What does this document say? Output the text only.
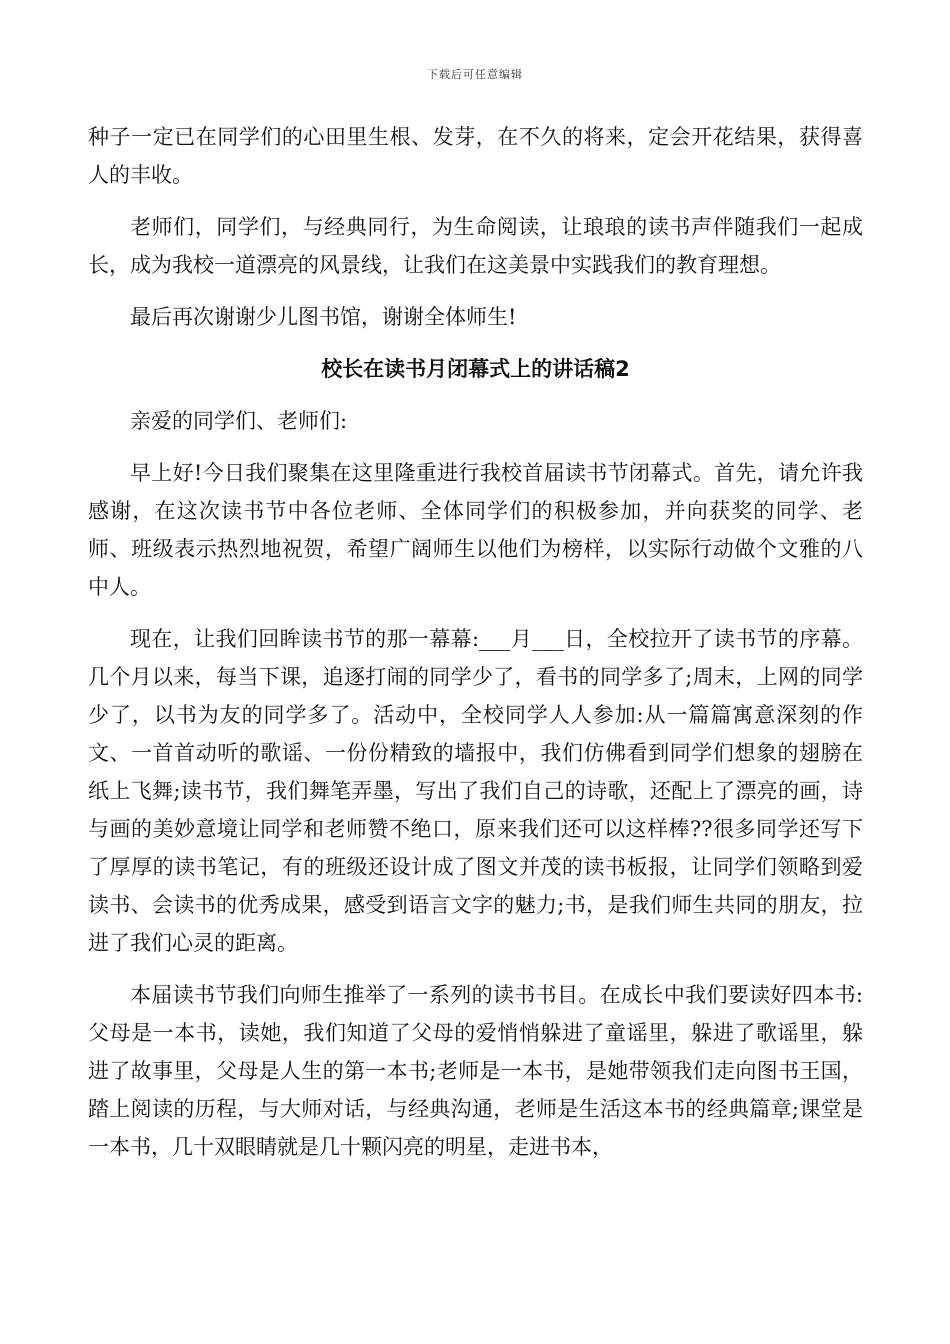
下载后可任意编辑

种子一定已在同学们的心田里生根、发芽，在不久的将来，定会开花结果，获得喜人的丰收。

老师们，同学们，与经典同行，为生命阅读，让琅琅的读书声伴随我们一起成长，成为我校一道漂亮的风景线，让我们在这美景中实践我们的教育理想。

最后再次谢谢少儿图书馆，谢谢全体师生!

校长在读书月闭幕式上的讲话稿2

亲爱的同学们、老师们:

早上好!今日我们聚集在这里隆重进行我校首届读书节闭幕式。首先，请允许我感谢，在这次读书节中各位老师、全体同学们的积极参加，并向获奖的同学、老师、班级表示热烈地祝贺，希望广阔师生以他们为榜样，以实际行动做个文雅的八中人。

现在，让我们回眸读书节的那一幕幕:___月___日，全校拉开了读书节的序幕。几个月以来，每当下课，追逐打闹的同学少了，看书的同学多了;周末，上网的同学少了，以书为友的同学多了。活动中，全校同学人人参加:从一篇篇寓意深刻的作文、一首首动听的歌谣、一份份精致的墙报中，我们仿佛看到同学们想象的翅膀在纸上飞舞;读书节，我们舞笔弄墨，写出了我们自己的诗歌，还配上了漂亮的画，诗与画的美妙意境让同学和老师赞不绝口，原来我们还可以这样棒??很多同学还写下了厚厚的读书笔记，有的班级还设计成了图文并茂的读书板报，让同学们领略到爱读书、会读书的优秀成果，感受到语言文字的魅力;书，是我们师生共同的朋友，拉进了我们心灵的距离。

本届读书节我们向师生推举了一系列的读书书目。在成长中我们要读好四本书:父母是一本书，读她，我们知道了父母的爱悄悄躲进了童谣里，躲进了歌谣里，躲进了故事里，父母是人生的第一本书;老师是一本书，是她带领我们走向图书王国，踏上阅读的历程，与大师对话，与经典沟通，老师是生活这本书的经典篇章;课堂是一本书，几十双眼睛就是几十颗闪亮的明星，走进书本，
